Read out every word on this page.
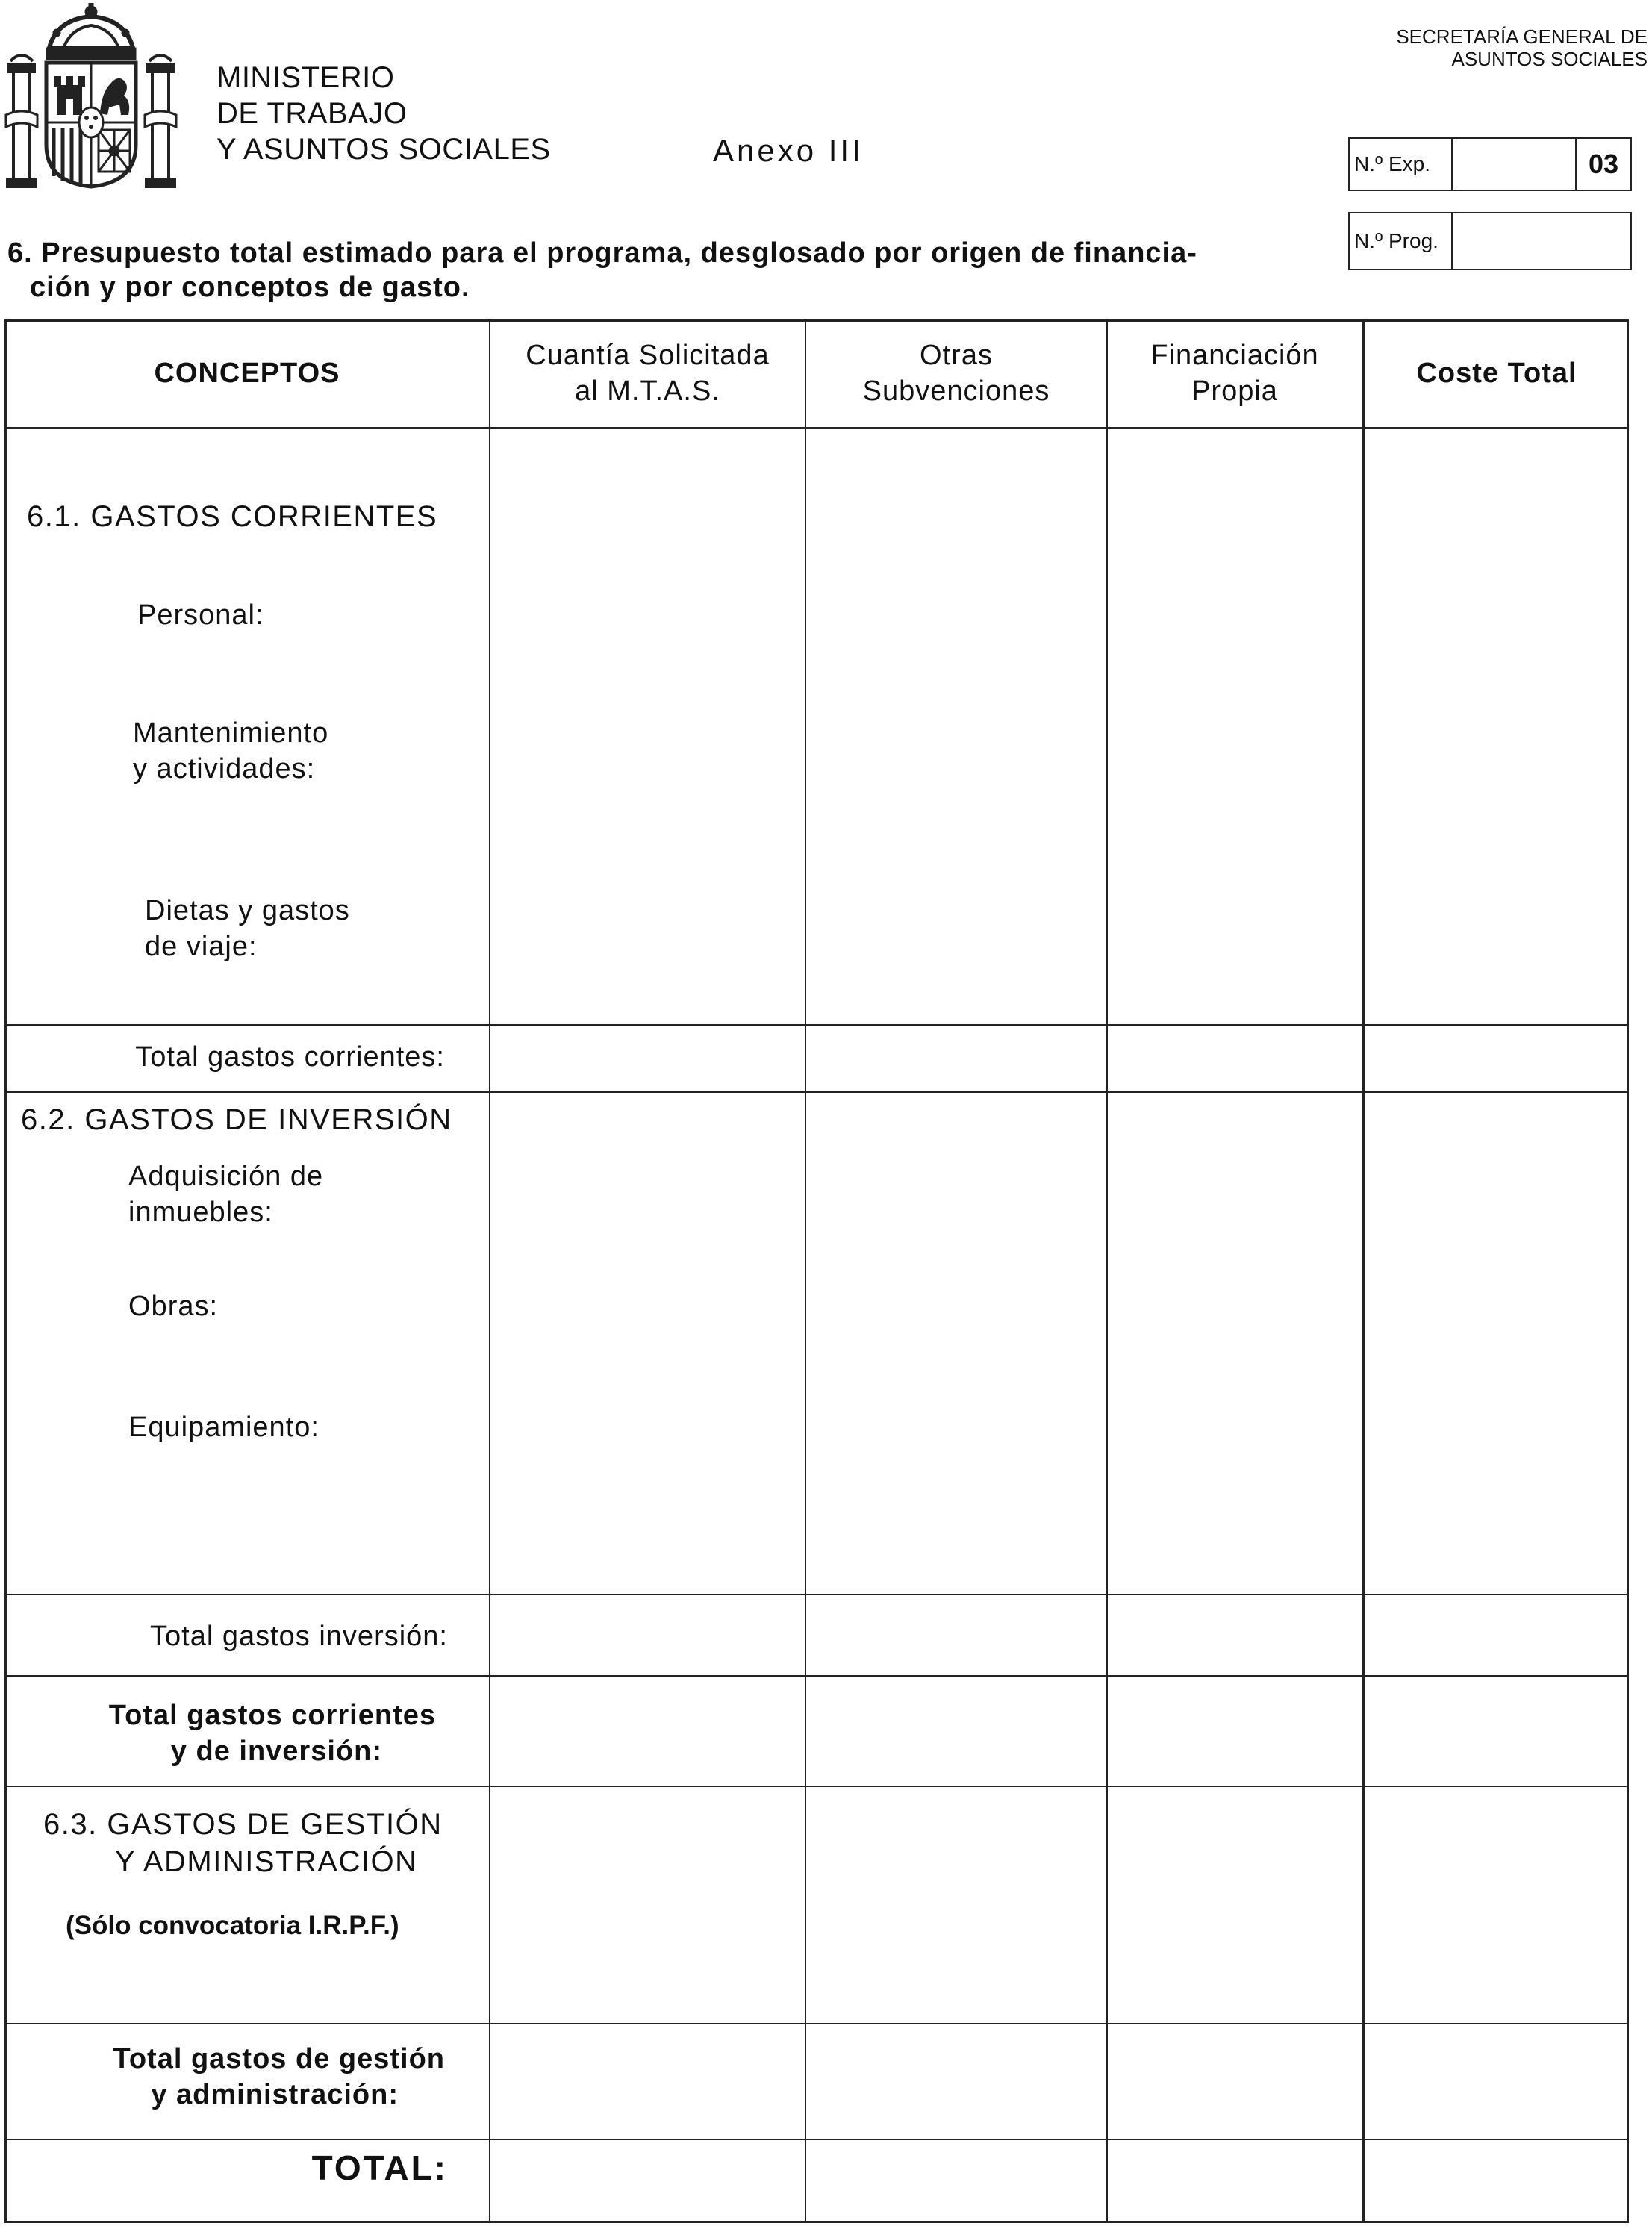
MINISTERIO
DE TRABAJO
Y ASUNTOS SOCIALES	Anexo III
SECRETARÍA GENERAL DE
ASUNTOS SOCIALES
N.º Exp.	03
N.º Prog.
6. Presupuesto total estimado para el programa, desglosado por origen de financia-
ción y por conceptos de gasto.
CONCEPTOS
Cuantía Solicitada
al M.T.A.S.
Otras
Subvenciones
Financiación
Propia
Coste Total
6.1. GASTOS CORRIENTES
Personal:
Mantenimiento
y actividades:
Dietas y gastos
de viaje:
Total gastos corrientes:
6.2. GASTOS DE INVERSIÓN
Adquisición de
inmuebles:
Obras:
Equipamiento:
Total gastos inversión:
Total gastos corrientes
y de inversión:
6.3. GASTOS DE GESTIÓN
Y ADMINISTRACIÓN
(Sólo convocatoria I.R.P.F.)
Total gastos de gestión
y administración:
TOTAL:
